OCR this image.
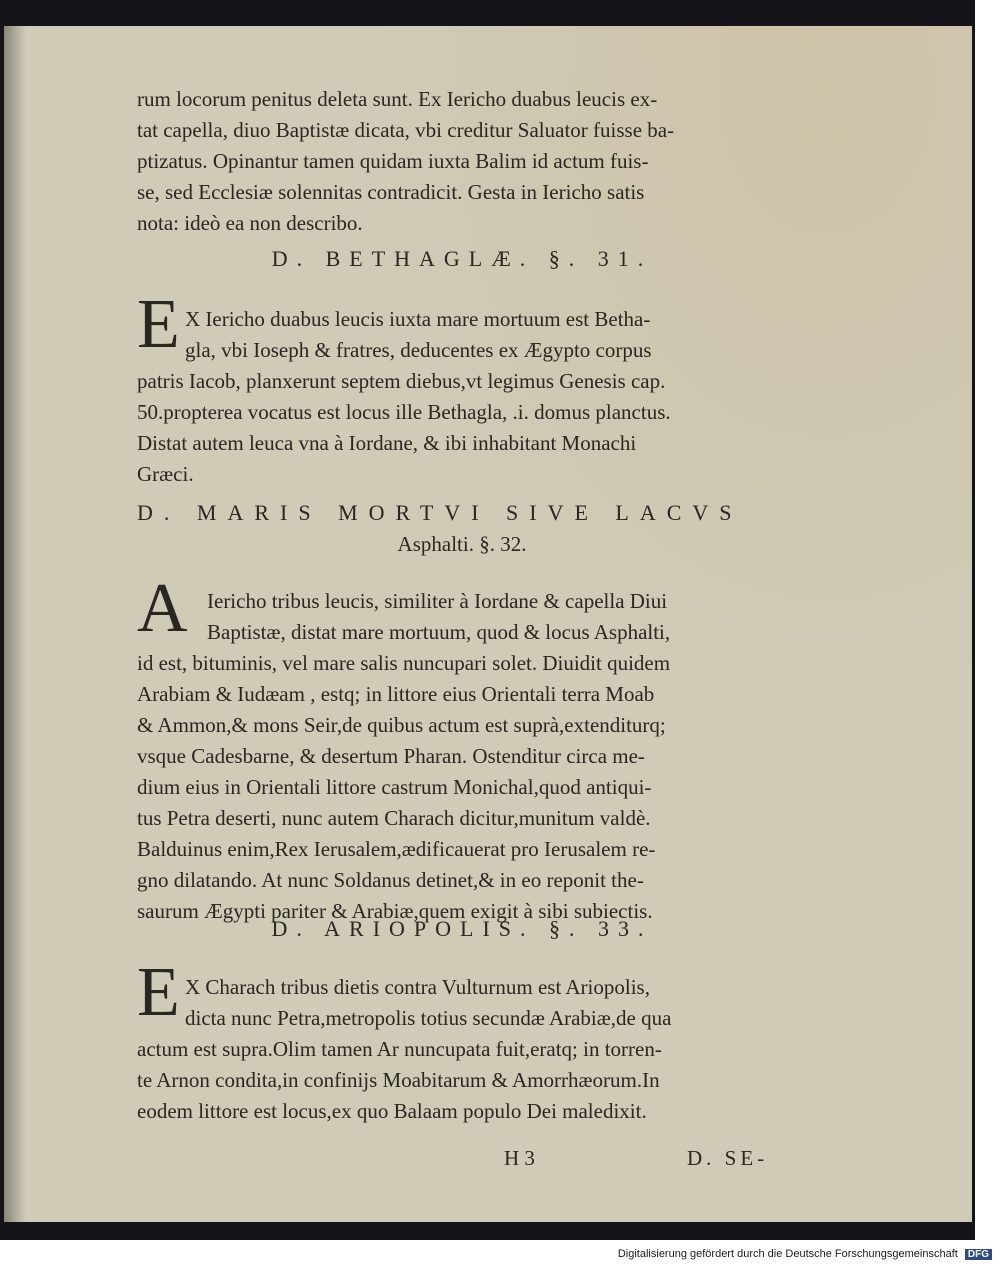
rum locorum penitus deleta sunt. Ex Iericho duabus leucis ex-
tat capella, diuo Baptistæ dicata, vbi creditur Saluator fuisse ba-
ptizatus. Opinantur tamen quidam iuxta Balim id actum fuis-
se, sed Ecclesiæ solennitas contradicit. Gesta in Iericho satis
nota: ideò ea non describo.
D. BETHAGLÆ. §. 31.
E X Iericho duabus leucis iuxta mare mortuum est Betha-
gla, vbi Ioseph & fratres, deducentes ex Ægypto corpus
patris Iacob, planxerunt septem diebus,vt legimus Genesis cap.
50.propterea vocatus est locus ille Bethagla, .i. domus planctus.
Distat autem leuca vna à Iordane, & ibi inhabitant Monachi
Græci.
D. MARIS MORTVI SIVE LACVS
Asphalti. §. 32.
A Iericho tribus leucis, similiter à Iordane & capella Diui
Baptistæ, distat mare mortuum, quod & locus Asphalti,
id est, bituminis, vel mare salis nuncupari solet. Diuidit quidem
Arabiam & Iudæam , estq; in littore eius Orientali terra Moab
& Ammon,& mons Seir,de quibus actum est suprà,extenditurq;
vsque Cadesbarne, & desertum Pharan. Ostenditur circa me-
dium eius in Orientali littore castrum Monichal,quod antiqui-
tus Petra deserti, nunc autem Charach dicitur,munitum valdè.
Balduinus enim,Rex Ierusalem,ædificauerat pro Ierusalem re-
gno dilatando. At nunc Soldanus detinet,& in eo reponit the-
saurum Ægypti pariter & Arabiæ,quem exigit à sibi subiectis.
D. ARIOPOLIS. §. 33.
E X Charach tribus dietis contra Vulturnum est Ariopolis,
dicta nunc Petra,metropolis totius secundæ Arabiæ,de qua
actum est supra.Olim tamen Ar nuncupata fuit,eratq; in torren-
te Arnon condita,in confinijs Moabitarum & Amorrhæorum.In
eodem littore est locus,ex quo Balaam populo Dei maledixit.
H 3	D. SE-
Digitalisierung gefördert durch die Deutsche Forschungsgemeinschaft DFG
